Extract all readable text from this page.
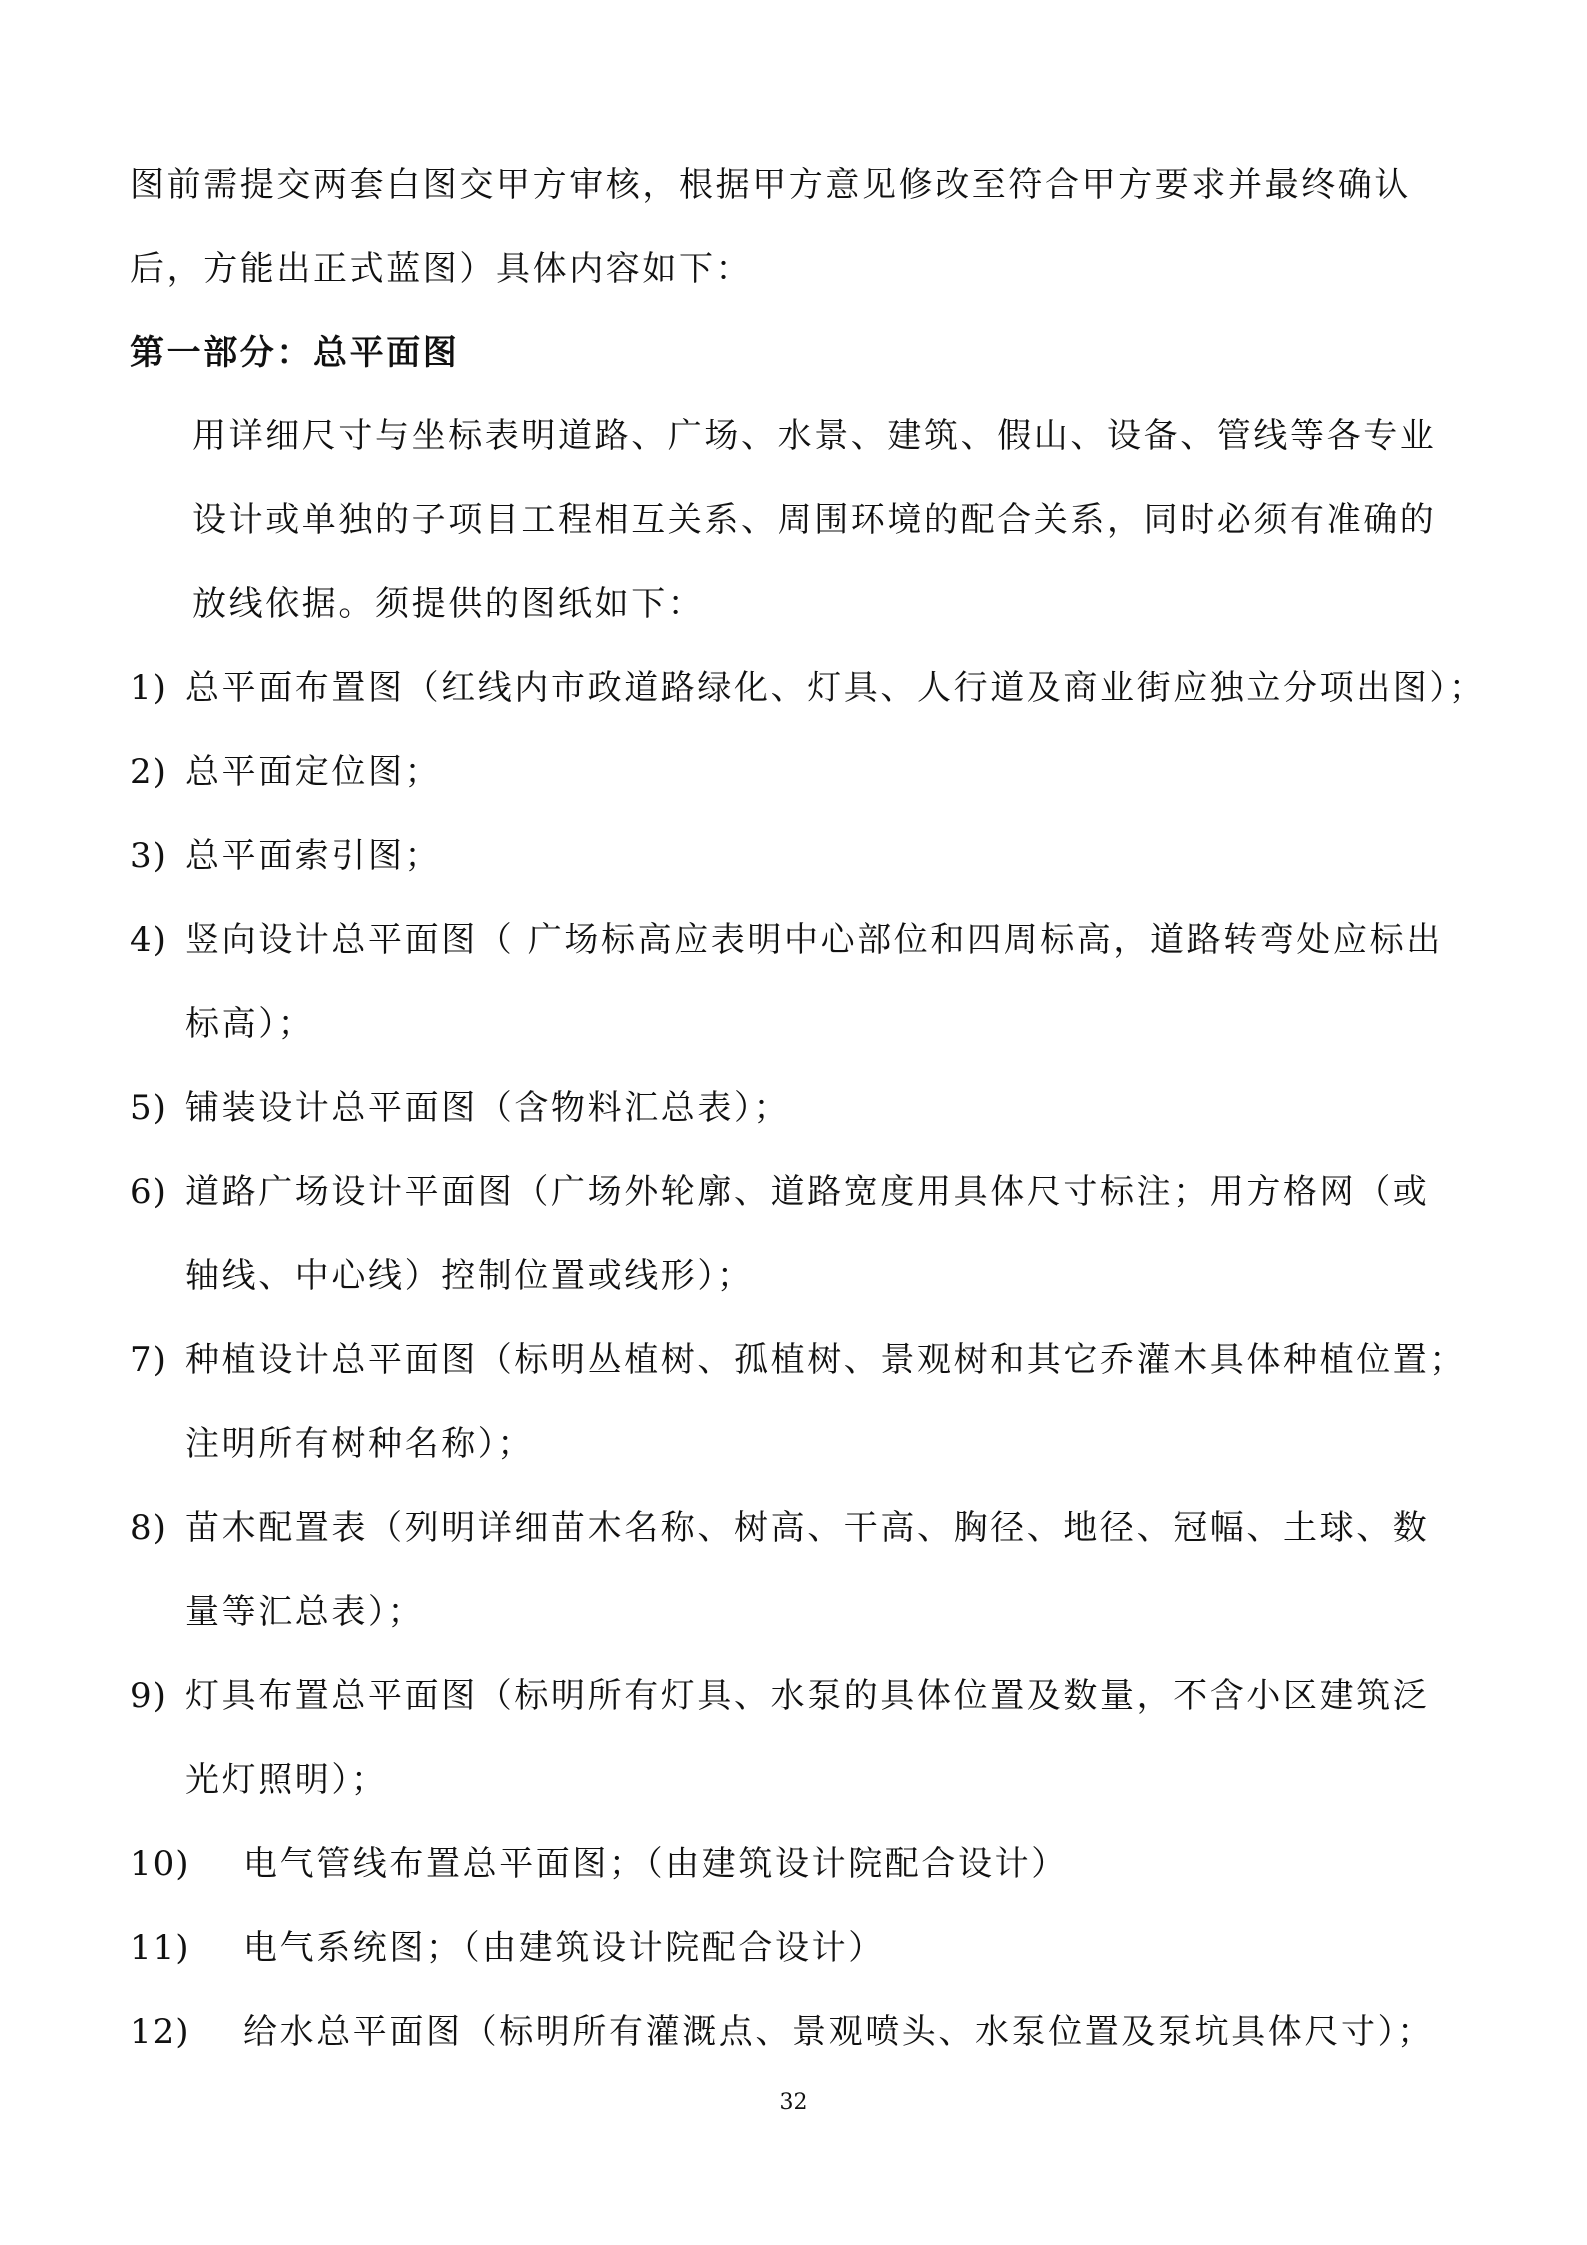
图前需提交两套白图交甲方审核，根据甲方意见修改至符合甲方要求并最终确认
后，方能出正式蓝图）具体内容如下：
第一部分：总平面图
用详细尺寸与坐标表明道路、广场、水景、建筑、假山、设备、管线等各专业
设计或单独的子项目工程相互关系、周围环境的配合关系，同时必须有准确的
放线依据。须提供的图纸如下：
1) 总平面布置图（红线内市政道路绿化、灯具、人行道及商业街应独立分项出图）；
2) 总平面定位图；
3) 总平面索引图；
4) 竖向设计总平面图（ 广场标高应表明中心部位和四周标高，道路转弯处应标出
标高）；
5) 铺装设计总平面图（含物料汇总表）；
6) 道路广场设计平面图（广场外轮廓、道路宽度用具体尺寸标注；用方格网（或
轴线、中心线）控制位置或线形）；
7) 种植设计总平面图（标明丛植树、孤植树、景观树和其它乔灌木具体种植位置；
注明所有树种名称）；
8) 苗木配置表（列明详细苗木名称、树高、干高、胸径、地径、冠幅、土球、数
量等汇总表）；
9) 灯具布置总平面图（标明所有灯具、水泵的具体位置及数量，不含小区建筑泛
光灯照明）；
10) 电气管线布置总平面图；（由建筑设计院配合设计）
11) 电气系统图；（由建筑设计院配合设计）
12) 给水总平面图（标明所有灌溉点、景观喷头、水泵位置及泵坑具体尺寸）；
32
